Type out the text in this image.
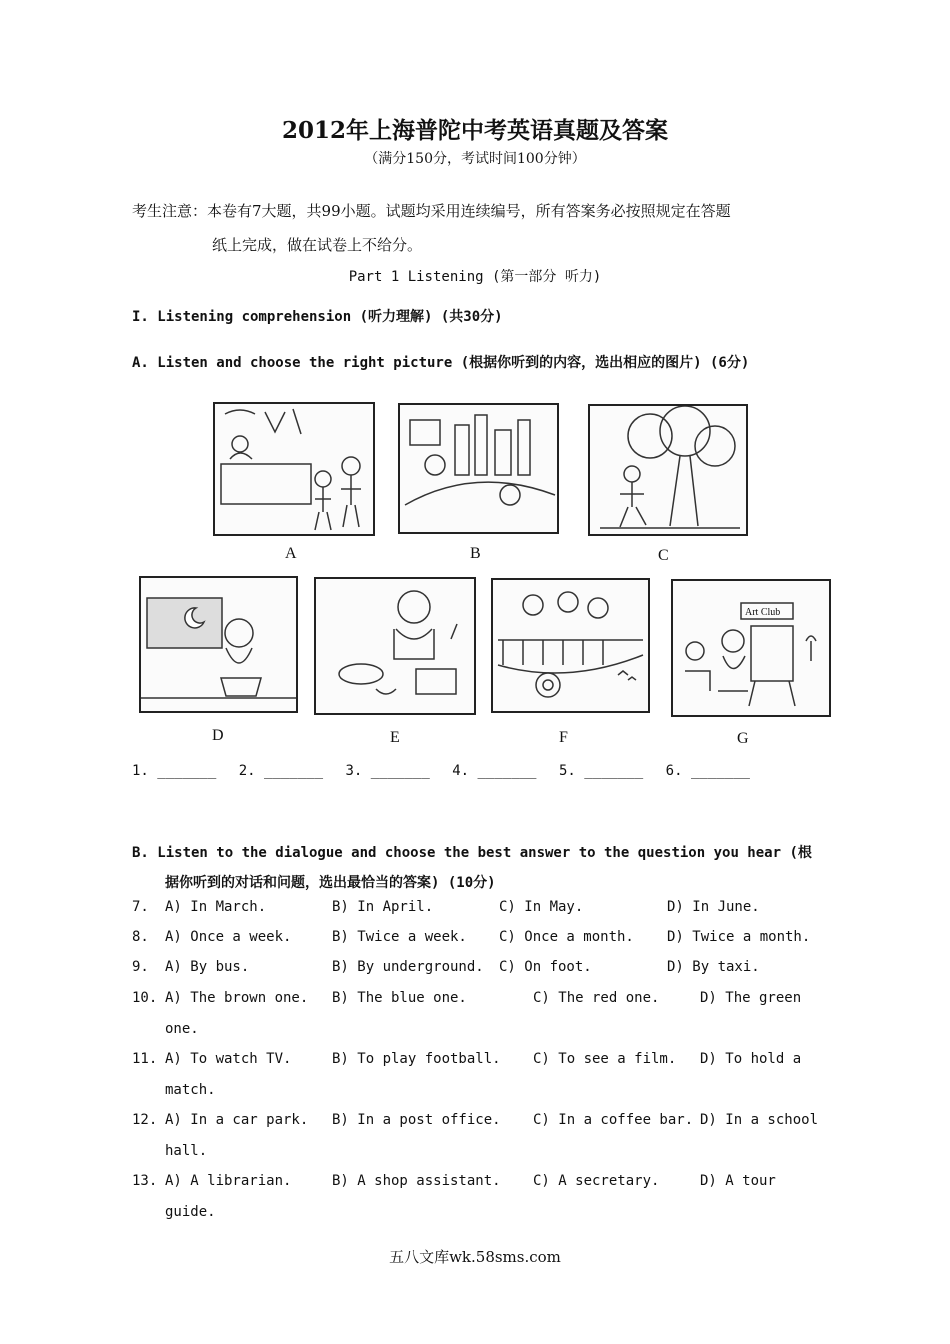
2012年上海普陀中考英语真题及答案
（满分150分，考试时间100分钟）
考生注意：本卷有7大题，共99小题。试题均采用连续编号，所有答案务必按照规定在答题
纸上完成，做在试卷上不给分。
Part 1 Listening (第一部分 听力)
I. Listening comprehension (听力理解) (共30分)
A. Listen and choose the right picture (根据你听到的内容，选出相应的图片) (6分)
A	B	C
D	E	F
Art Club
G
1. _______ 2. _______ 3. _______ 4. _______ 5. _______ 6. _______
B. Listen to the dialogue and choose the best answer to the question you hear (根
据你听到的对话和问题，选出最恰当的答案) (10分)
7. A) In March.	B) In April.	C) In May.	D) In June.
8. A) Once a week.	B) Twice a week. C) Once a month. D) Twice a month.
9. A) By bus.	B) By underground. C) On foot.	D) By taxi.
10. A) The brown one. B) The blue one.	C) The red one.	D) The green
one.
11. A) To watch TV.	B) To play football. C) To see a film. D) To hold a
match.
12. A) In a car park. B) In a post office. C) In a coffee bar. D) In a school
hall.
13. A) A librarian.	B) A shop assistant. C) A secretary.	D) A tour
guide.
五八文库wk.58sms.com
